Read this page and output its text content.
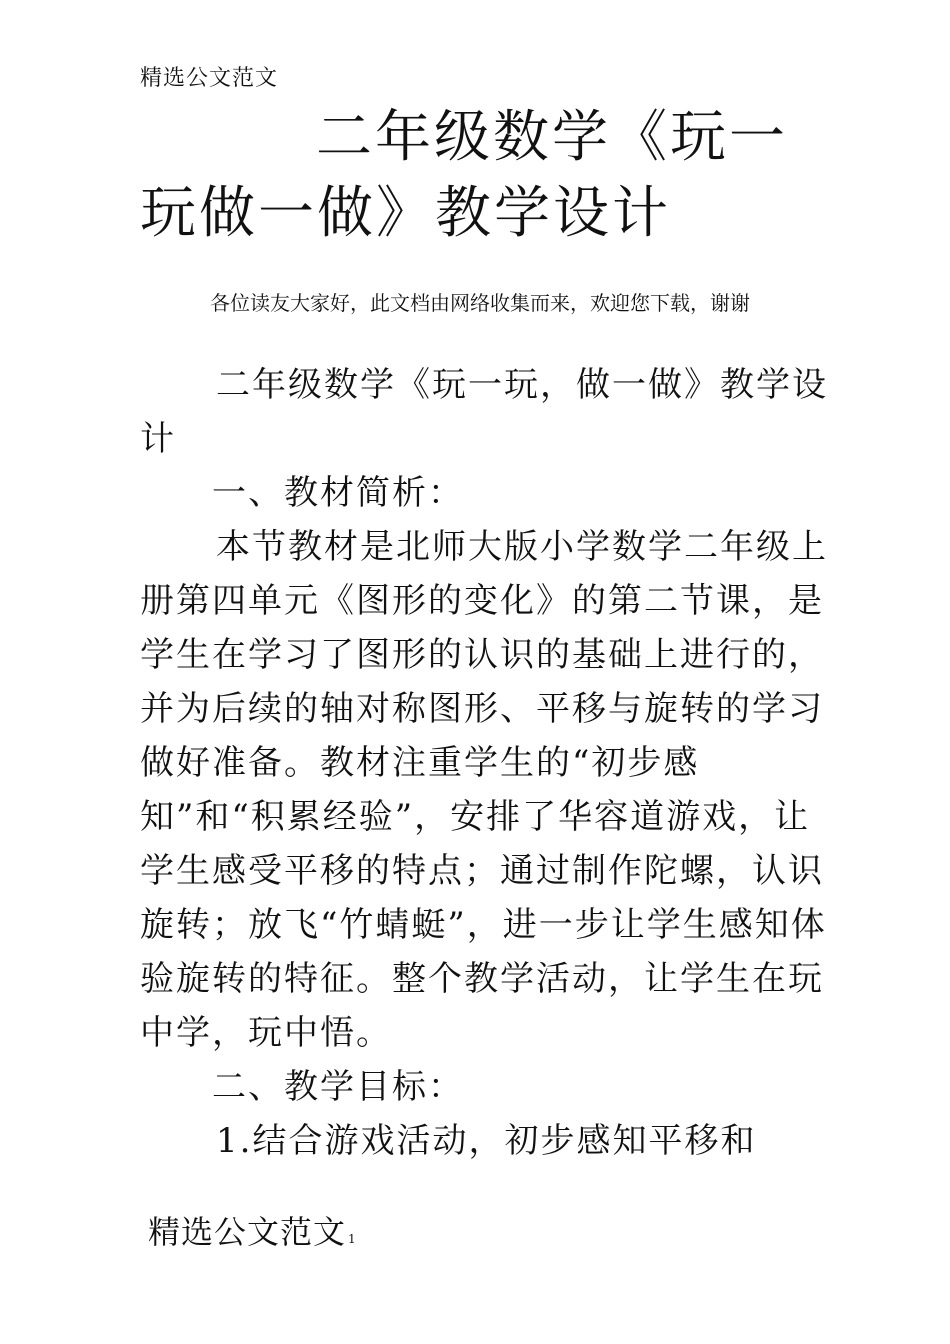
精选公文范文
二年级数学《玩一
玩做一做》教学设计
各位读友大家好，此文档由网络收集而来，欢迎您下载，谢谢

二年级数学《玩一玩，做一做》教学设计

一、教材简析：

本节教材是北师大版小学数学二年级上册第四单元《图形的变化》的第二节课，是学生在学习了图形的认识的基础上进行的，并为后续的轴对称图形、平移与旋转的学习做好准备。教材注重学生的“初步感知”和“积累经验”，安排了华容道游戏，让学生感受平移的特点；通过制作陀螺，认识旋转；放飞“竹蜻蜓”，进一步让学生感知体验旋转的特征。整个教学活动，让学生在玩中学，玩中悟。

二、教学目标：

1.结合游戏活动，初步感知平移和

精选公文范文 1
